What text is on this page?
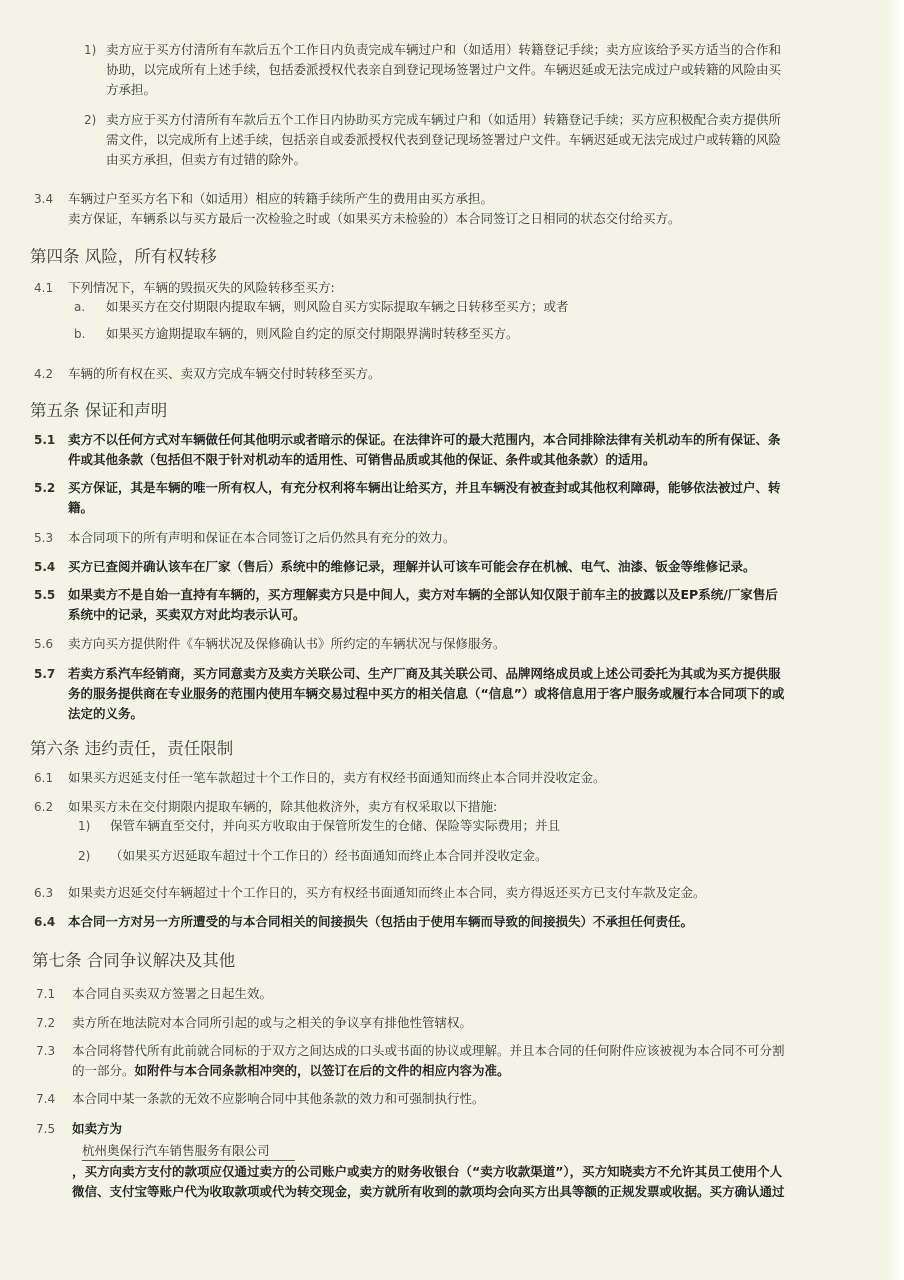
1) 卖方应于买方付清所有车款后五个工作日内负责完成车辆过户和（如适用）转籍登记手续；卖方应该给予买方适当的合作和
协助，以完成所有上述手续，包括委派授权代表亲自到登记现场签署过户文件。车辆迟延或无法完成过户或转籍的风险由买
方承担。
2) 卖方应于买方付清所有车款后五个工作日内协助买方完成车辆过户和（如适用）转籍登记手续；买方应积极配合卖方提供所
需文件，以完成所有上述手续，包括亲自或委派授权代表到登记现场签署过户文件。车辆迟延或无法完成过户或转籍的风险
由买方承担，但卖方有过错的除外。
3.4 车辆过户至买方名下和（如适用）相应的转籍手续所产生的费用由买方承担。
卖方保证，车辆系以与买方最后一次检验之时或（如果买方未检验的）本合同签订之日相同的状态交付给买方。
第四条 风险，所有权转移
4.1 下列情况下，车辆的毁损灭失的风险转移至买方:
a. 如果买方在交付期限内提取车辆，则风险自买方实际提取车辆之日转移至买方；或者
b. 如果买方逾期提取车辆的，则风险自约定的原交付期限界满时转移至买方。
4.2 车辆的所有权在买、卖双方完成车辆交付时转移至买方。
第五条 保证和声明
5.1 卖方不以任何方式对车辆做任何其他明示或者暗示的保证。在法律许可的最大范围内，本合同排除法律有关机动车的所有保证、条
件或其他条款（包括但不限于针对机动车的适用性、可销售品质或其他的保证、条件或其他条款）的适用。
5.2 买方保证，其是车辆的唯一所有权人，有充分权利将车辆出让给买方，并且车辆没有被查封或其他权利障碍，能够依法被过户、转
籍。
5.3 本合同项下的所有声明和保证在本合同签订之后仍然具有充分的效力。
5.4 买方已查阅并确认该车在厂家（售后）系统中的维修记录，理解并认可该车可能会存在机械、电气、油漆、钣金等维修记录。
5.5 如果卖方不是自始一直持有车辆的，买方理解卖方只是中间人，卖方对车辆的全部认知仅限于前车主的披露以及EP系统/厂家售后
系统中的记录，买卖双方对此均表示认可。
5.6 卖方向买方提供附件《车辆状况及保修确认书》所约定的车辆状况与保修服务。
5.7 若卖方系汽车经销商，买方同意卖方及卖方关联公司、生产厂商及其关联公司、品牌网络成员或上述公司委托为其或为买方提供服
务的服务提供商在专业服务的范围内使用车辆交易过程中买方的相关信息（“信息”）或将信息用于客户服务或履行本合同项下的或
法定的义务。
第六条 违约责任，责任限制
6.1 如果买方迟延支付任一笔车款超过十个工作日的，卖方有权经书面通知而终止本合同并没收定金。
6.2 如果买方未在交付期限内提取车辆的，除其他救济外，卖方有权采取以下措施:
1) 保管车辆直至交付，并向买方收取由于保管所发生的仓储、保险等实际费用；并且
2) （如果买方迟延取车超过十个工作日的）经书面通知而终止本合同并没收定金。
6.3 如果卖方迟延交付车辆超过十个工作日的，买方有权经书面通知而终止本合同，卖方得返还买方已支付车款及定金。
6.4 本合同一方对另一方所遭受的与本合同相关的间接损失（包括由于使用车辆而导致的间接损失）不承担任何责任。
第七条 合同争议解决及其他
7.1 本合同自买卖双方签署之日起生效。
7.2 卖方所在地法院对本合同所引起的或与之相关的争议享有排他性管辖权。
7.3 本合同将替代所有此前就合同标的于双方之间达成的口头或书面的协议或理解。并且本合同的任何附件应该被视为本合同不可分割
的一部分。如附件与本合同条款相冲突的，以签订在后的文件的相应内容为准。
7.4 本合同中某一条款的无效不应影响合同中其他条款的效力和可强制执行性。
7.5 如卖方为
杭州奥保行汽车销售服务有限公司
，买方向卖方支付的款项应仅通过卖方的公司账户或卖方的财务收银台（“卖方收款渠道”），买方知晓卖方不允许其员工使用个人
微信、支付宝等账户代为收取款项或代为转交现金，卖方就所有收到的款项均会向买方出具等额的正规发票或收据。买方确认通过
